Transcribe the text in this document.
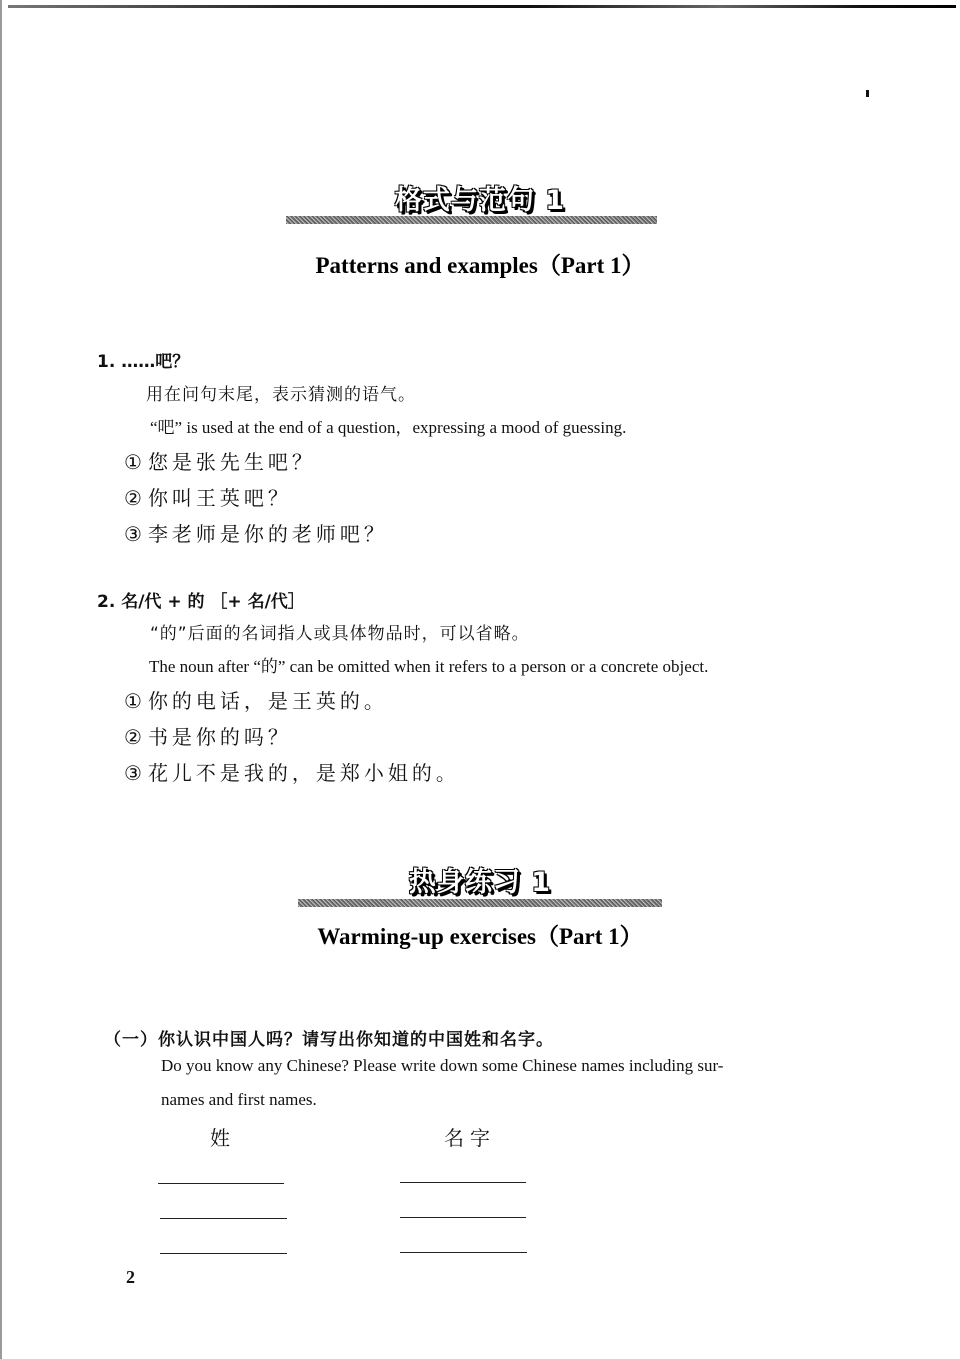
格式与范句 1
Patterns and examples（Part 1）
1. ……吧？
用在问句末尾，表示猜测的语气。
“吧” is used at the end of a question，expressing a mood of guessing.
① 您是张先生吧？
② 你叫王英吧？
③ 李老师是你的老师吧？
2. 名/代 + 的 ［+ 名/代］
“的”后面的名词指人或具体物品时，可以省略。
The noun after “的” can be omitted when it refers to a person or a concrete object.
① 你的电话，是王英的。
② 书是你的吗？
③ 花儿不是我的，是郑小姐的。
热身练习 1
Warming-up exercises（Part 1）
（一）你认识中国人吗？请写出你知道的中国姓和名字。
Do you know any Chinese? Please write down some Chinese names including sur-
names and first names.
姓	名字
2
